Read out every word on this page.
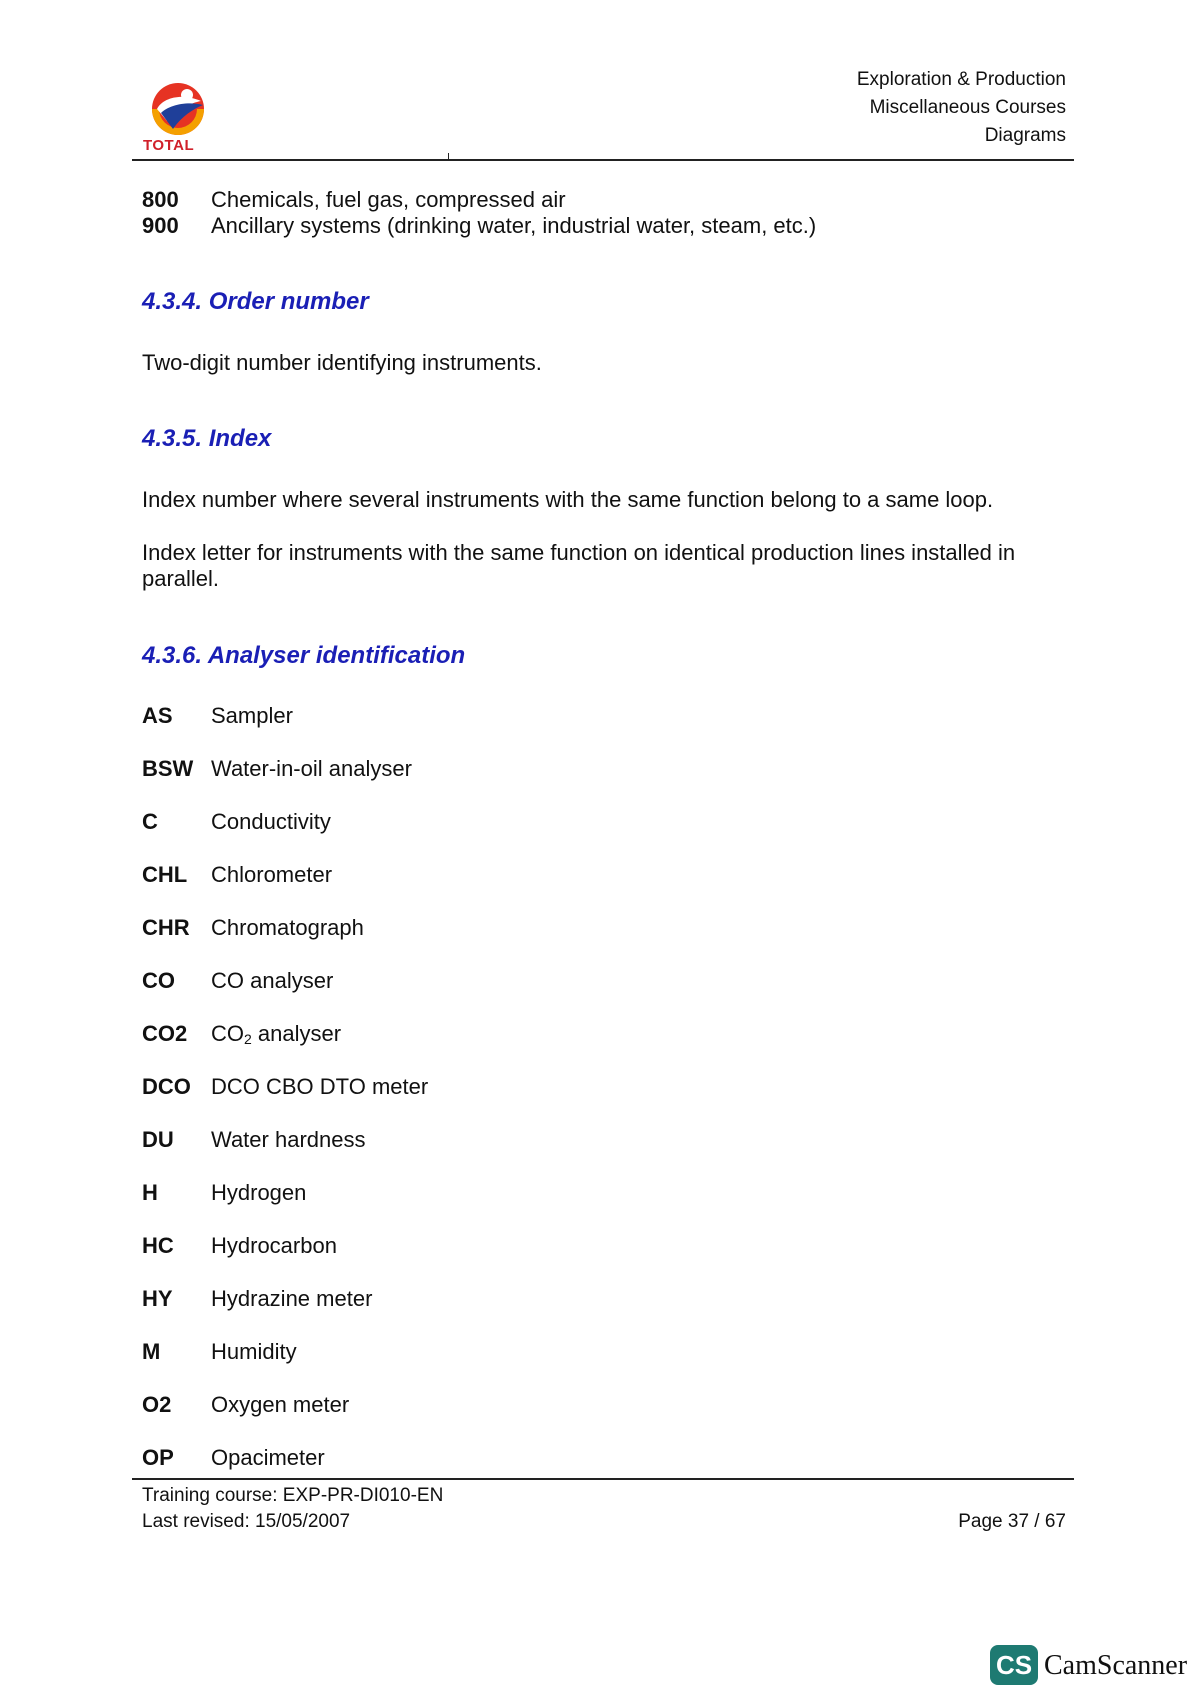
TOTAL
Exploration & Production
Miscellaneous Courses
Diagrams
800 Chemicals, fuel gas, compressed air
900 Ancillary systems (drinking water, industrial water, steam, etc.)
4.3.4. Order number
Two-digit number identifying instruments.
4.3.5. Index
Index number where several instruments with the same function belong to a same loop.
Index letter for instruments with the same function on identical production lines installed in parallel.
4.3.6. Analyser identification
AS Sampler
BSW Water-in-oil analyser
C Conductivity
CHL Chlorometer
CHR Chromatograph
CO CO analyser
CO2 $CO_2$ analyser
DCO DCO CBO DTO meter
DU Water hardness
H Hydrogen
HC Hydrocarbon
HY Hydrazine meter
M Humidity
O2 Oxygen meter
OP Opacimeter
Training course: EXP-PR-DI010-EN
Last revised: 15/05/2007	Page 37 / 67
CS CamScanner
